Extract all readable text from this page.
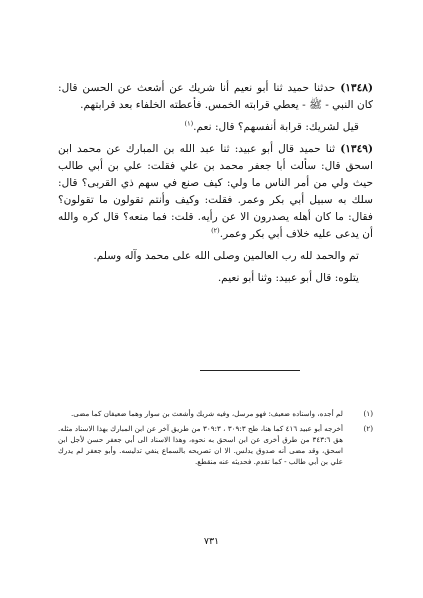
(١٣٤٨) حدثنا حميد ثنا أبو نعيم أنا شريك عن أشعث عن الحسن قال: كان النبي - ﷺ - يعطي قرابته الخمس. فأعطته الخلفاء بعد قرابتهم.

قيل لشريك: قرابة أنفسهم؟ قال: نعم.$^{(١)}$

(١٣٤٩) ثنا حميد قال أبو عبيد: ثنا عبد الله بن المبارك عن محمد ابن اسحق قال: سألت أبا جعفر محمد بن علي فقلت: علي بن أبي طالب حيث ولي من أمر الناس ما ولي: كيف صنع في سهم ذي القربى؟ قال: سلك به سبيل أبي بكر وعمر. فقلت: وكيف وأنتم تقولون ما تقولون؟ فقال: ما كان أهله يصدرون الا عن رأيه. قلت: فما منعه؟ قال كره والله أن يدعى عليه خلاف أبي بكر وعمر.$^{(٢)}$

تم والحمد لله رب العالمين وصلى الله على محمد وآله وسلم.

يتلوه: قال أبو عبيد: وثنا أبو نعيم.

(١)
لم أجده، واسناده ضعيف: فهو مرسل، وفيه شريك وأشعث بن سوار وهما ضعيفان كما مضى.
(٢)
أخرجه أبو عبيد ٤١٦ كما هنا، طح ٣٠٩:٣ ، ٣٠٩:٣ من طريق آخر عن ابن المبارك بهذا الاسناد مثله. هق ٣٤٣:٦ من طرق أخرى عن ابن اسحق به نحوه، وهذا الاسناد الى أبي جعفر حسن لأجل ابن اسحق، وقد مضى أنه صدوق يدلس. الا ان تصريحه بالسماع ينفي تدليسه. وأبو جعفر لم يدرك علي بن أبي طالب - كما تقدم. فحديثه عنه منقطع.
٧٣١
